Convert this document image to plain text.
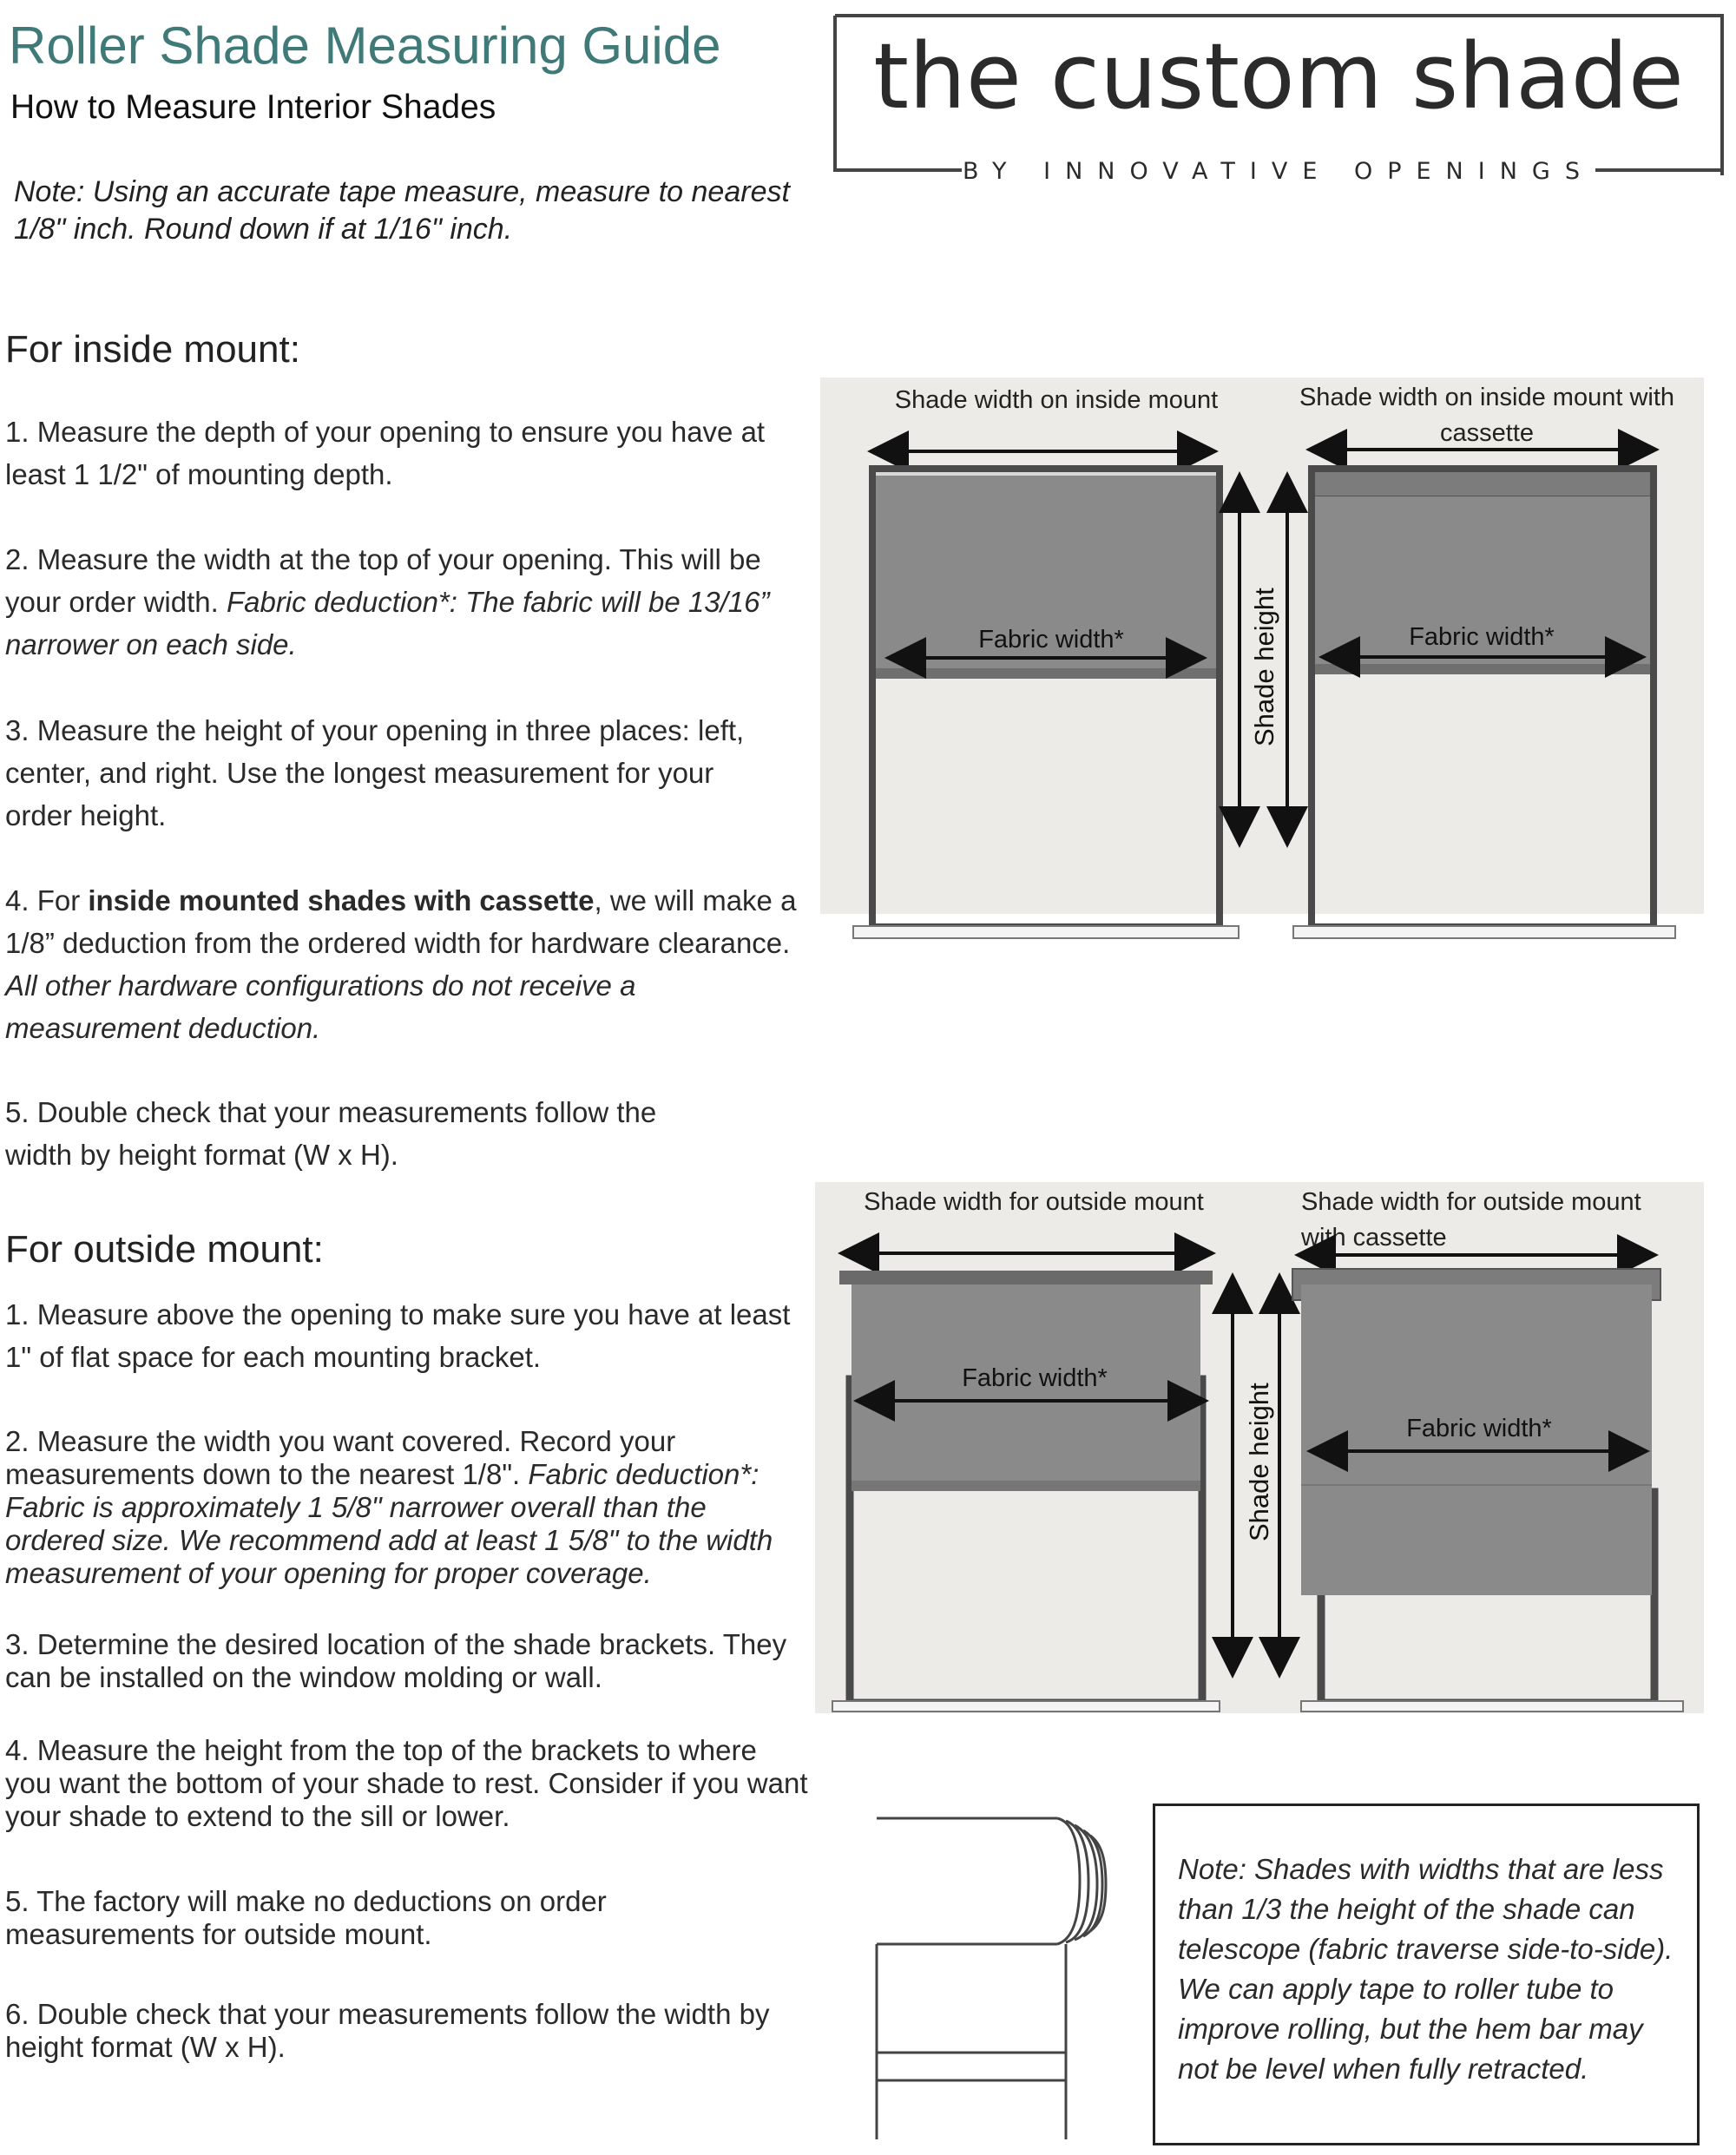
Roller Shade Measuring Guide
How to Measure Interior Shades
Note: Using an accurate tape measure, measure to nearest 1/8" inch. Round down if at 1/16" inch.
the custom shade
BY INNOVATIVE OPENINGS
For inside mount:
1. Measure the depth of your opening to ensure you have at least 1 1/2" of mounting depth.
2. Measure the width at the top of your opening. This will be your order width. Fabric deduction*: The fabric will be 13/16” narrower on each side.
3. Measure the height of your opening in three places: left, center, and right. Use the longest measurement for your order height.
4. For inside mounted shades with cassette, we will make a 1/8” deduction from the ordered width for hardware clearance. All other hardware configurations do not receive a measurement deduction.
5. Double check that your measurements follow the width by height format (W x H).
For outside mount:
1. Measure above the opening to make sure you have at least 1" of flat space for each mounting bracket.
2. Measure the width you want covered. Record your measurements down to the nearest 1/8". Fabric deduction*: Fabric is approximately 1 5/8" narrower overall than the ordered size. We recommend add at least 1 5/8" to the width measurement of your opening for proper coverage.
3. Determine the desired location of the shade brackets. They can be installed on the window molding or wall.
4. Measure the height from the top of the brackets to where you want the bottom of your shade to rest. Consider if you want your shade to extend to the sill or lower.
5. The factory will make no deductions on order measurements for outside mount.
6. Double check that your measurements follow the width by height format (W x H).
Shade width on inside mount
Fabric width*	Shade height
Shade width on inside mount with
cassette
Fabric width*
Shade width for outside mount
Fabric width*
Shade height
Shade width for outside mount
with cassette
Fabric width*
Note: Shades with widths that are less than 1/3 the height of the shade can telescope (fabric traverse side-to-side). We can apply tape to roller tube to improve rolling, but the hem bar may not be level when fully retracted.
